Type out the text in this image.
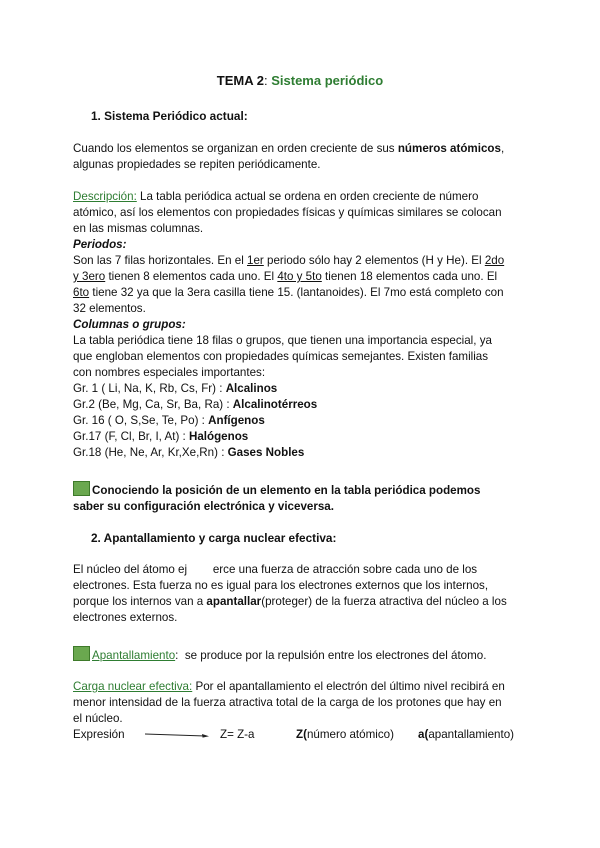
TEMA 2: Sistema periódico
1. Sistema Periódico actual:
Cuando los elementos se organizan en orden creciente de sus números atómicos,
algunas propiedades se repiten periódicamente.
Descripción: La tabla periódica actual se ordena en orden creciente de número
atómico, así los elementos con propiedades físicas y químicas similares se colocan
en las mismas columnas.
Periodos:
Son las 7 filas horizontales. En el 1er periodo sólo hay 2 elementos (H y He). El 2do
y 3ero tienen 8 elementos cada uno. El 4to y 5to tienen 18 elementos cada uno. El
6to tiene 32 ya que la 3era casilla tiene 15. (lantanoides). El 7mo está completo con
32 elementos.
Columnas o grupos:
La tabla periódica tiene 18 filas o grupos, que tienen una importancia especial, ya
que engloban elementos con propiedades químicas semejantes. Existen familias
con nombres especiales importantes:
Gr. 1 ( Li, Na, K, Rb, Cs, Fr) : Alcalinos
Gr.2 (Be, Mg, Ca, Sr, Ba, Ra) : Alcalinotérreos
Gr. 16 ( O, S,Se, Te, Po) : Anfígenos
Gr.17 (F, Cl, Br, I, At) : Halógenos
Gr.18 (He, Ne, Ar, Kr,Xe,Rn) : Gases Nobles
Conociendo la posición de un elemento en la tabla periódica podemos
saber su configuración electrónica y viceversa.
2. Apantallamiento y carga nuclear efectiva:
El núcleo del átomo ej        erce una fuerza de atracción sobre cada uno de los
electrones. Esta fuerza no es igual para los electrones externos que los internos,
porque los internos van a apantallar(proteger) de la fuerza atractiva del núcleo a los
electrones externos.
Apantallamiento:  se produce por la repulsión entre los electrones del átomo.
Carga nuclear efectiva: Por el apantallamiento el electrón del último nivel recibirá en
menor intensidad de la fuerza atractiva total de la carga de los protones que hay en
el núcleo.
Expresión	Z= Z-a	Z(número atómico) a(apantallamiento)
